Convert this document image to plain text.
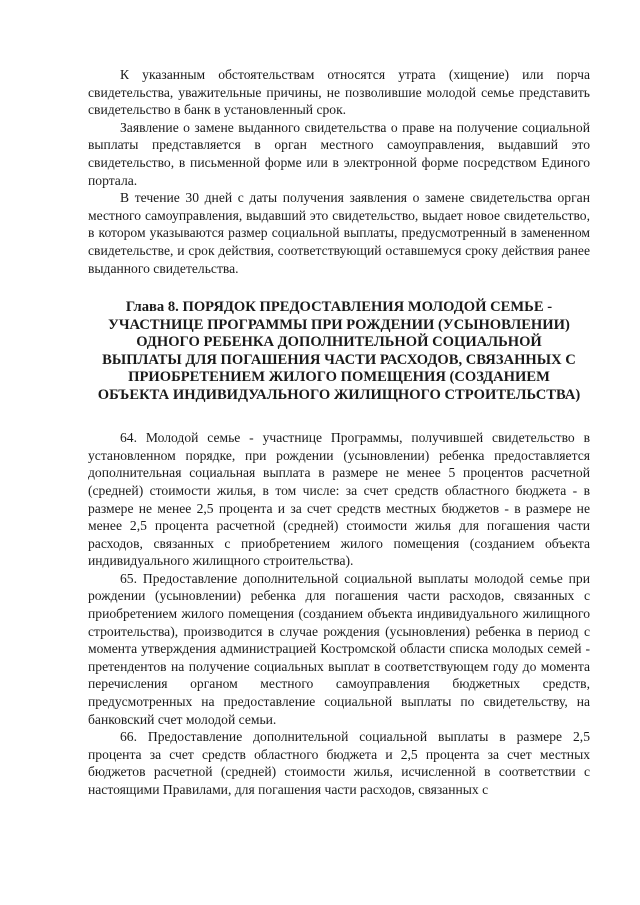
К указанным обстоятельствам относятся утрата (хищение) или порча свидетельства, уважительные причины, не позволившие молодой семье представить свидетельство в банк в установленный срок.

Заявление о замене выданного свидетельства о праве на получение социальной выплаты представляется в орган местного самоуправления, выдавший это свидетельство, в письменной форме или в электронной форме посредством Единого портала.

В течение 30 дней с даты получения заявления о замене свидетельства орган местного самоуправления, выдавший это свидетельство, выдает новое свидетельство, в котором указываются размер социальной выплаты, предусмотренный в замененном свидетельстве, и срок действия, соответствующий оставшемуся сроку действия ранее выданного свидетельства.

Глава 8. ПОРЯДОК ПРЕДОСТАВЛЕНИЯ МОЛОДОЙ СЕМЬЕ - УЧАСТНИЦЕ ПРОГРАММЫ ПРИ РОЖДЕНИИ (УСЫНОВЛЕНИИ) ОДНОГО РЕБЕНКА ДОПОЛНИТЕЛЬНОЙ СОЦИАЛЬНОЙ ВЫПЛАТЫ ДЛЯ ПОГАШЕНИЯ ЧАСТИ РАСХОДОВ, СВЯЗАННЫХ С ПРИОБРЕТЕНИЕМ ЖИЛОГО ПОМЕЩЕНИЯ (СОЗДАНИЕМ ОБЪЕКТА ИНДИВИДУАЛЬНОГО ЖИЛИЩНОГО СТРОИТЕЛЬСТВА)

64. Молодой семье - участнице Программы, получившей свидетельство в установленном порядке, при рождении (усыновлении) ребенка предоставляется дополнительная социальная выплата в размере не менее 5 процентов расчетной (средней) стоимости жилья, в том числе: за счет средств областного бюджета - в размере не менее 2,5 процента и за счет средств местных бюджетов - в размере не менее 2,5 процента расчетной (средней) стоимости жилья для погашения части расходов, связанных с приобретением жилого помещения (созданием объекта индивидуального жилищного строительства).

65. Предоставление дополнительной социальной выплаты молодой семье при рождении (усыновлении) ребенка для погашения части расходов, связанных с приобретением жилого помещения (созданием объекта индивидуального жилищного строительства), производится в случае рождения (усыновления) ребенка в период с момента утверждения администрацией Костромской области списка молодых семей - претендентов на получение социальных выплат в соответствующем году до момента перечисления органом местного самоуправления бюджетных средств, предусмотренных на предоставление социальной выплаты по свидетельству, на банковский счет молодой семьи.

66. Предоставление дополнительной социальной выплаты в размере 2,5 процента за счет средств областного бюджета и 2,5 процента за счет местных бюджетов расчетной (средней) стоимости жилья, исчисленной в соответствии с настоящими Правилами, для погашения части расходов, связанных с
